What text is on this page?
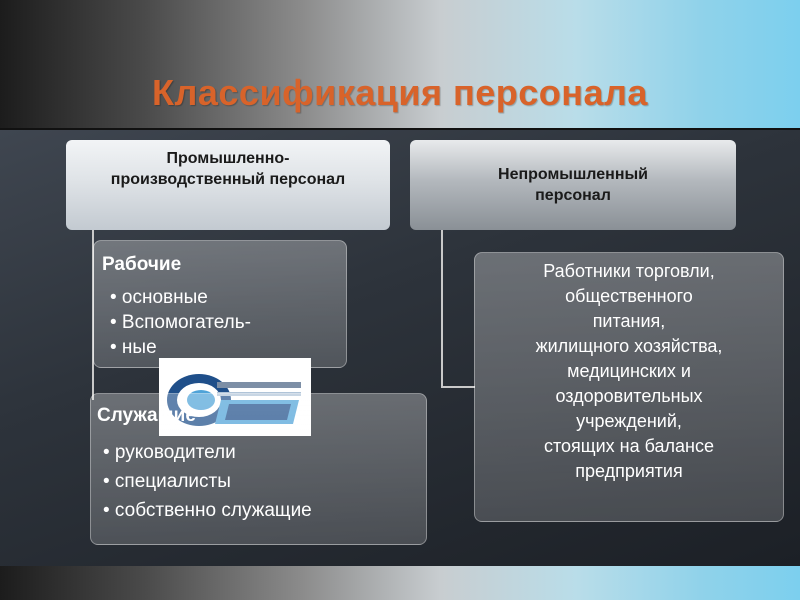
Классификация персонала
Промышленно-производственный персонал	Непромышленный персонал
Рабочие
• основные
• Вспомогатель-
• ные
Служащие
• руководители
• специалисты
• собственно служащие
Работники торговли,
общественного
питания,
жилищного хозяйства,
медицинских и
оздоровительных
учреждений,
стоящих на балансе
предприятия
